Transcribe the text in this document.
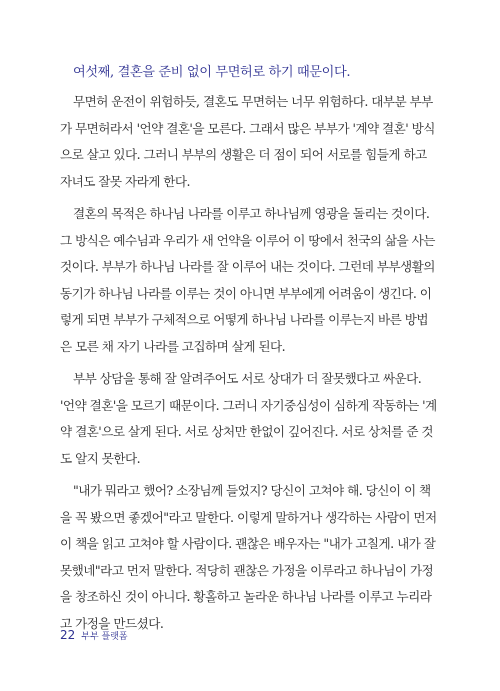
여섯째, 결혼을 준비 없이 무면허로 하기 때문이다.
무면허 운전이 위험하듯, 결혼도 무면허는 너무 위험하다. 대부분 부부
가 무면허라서 '언약 결혼'을 모른다. 그래서 많은 부부가 '계약 결혼' 방식
으로 살고 있다. 그러니 부부의 생활은 더 점이 되어 서로를 힘들게 하고
자녀도 잘못 자라게 한다.
결혼의 목적은 하나님 나라를 이루고 하나님께 영광을 돌리는 것이다.
그 방식은 예수님과 우리가 새 언약을 이루어 이 땅에서 천국의 삶을 사는
것이다. 부부가 하나님 나라를 잘 이루어 내는 것이다. 그런데 부부생활의
동기가 하나님 나라를 이루는 것이 아니면 부부에게 어려움이 생긴다. 이
렇게 되면 부부가 구체적으로 어떻게 하나님 나라를 이루는지 바른 방법
은 모른 채 자기 나라를 고집하며 살게 된다.
부부 상담을 통해 잘 알려주어도 서로 상대가 더 잘못했다고 싸운다.
'언약 결혼'을 모르기 때문이다. 그러니 자기중심성이 심하게 작동하는 '계
약 결혼'으로 살게 된다. 서로 상처만 한없이 깊어진다. 서로 상처를 준 것
도 알지 못한다.
"내가 뭐라고 했어? 소장님께 들었지? 당신이 고쳐야 해. 당신이 이 책
을 꼭 봤으면 좋겠어"라고 말한다. 이렇게 말하거나 생각하는 사람이 먼저
이 책을 읽고 고쳐야 할 사람이다. 괜찮은 배우자는 "내가 고칠게. 내가 잘
못했네"라고 먼저 말한다. 적당히 괜찮은 가정을 이루라고 하나님이 가정
을 창조하신 것이 아니다. 황홀하고 놀라운 하나님 나라를 이루고 누리라
고 가정을 만드셨다.
22 부부 플랫폼
